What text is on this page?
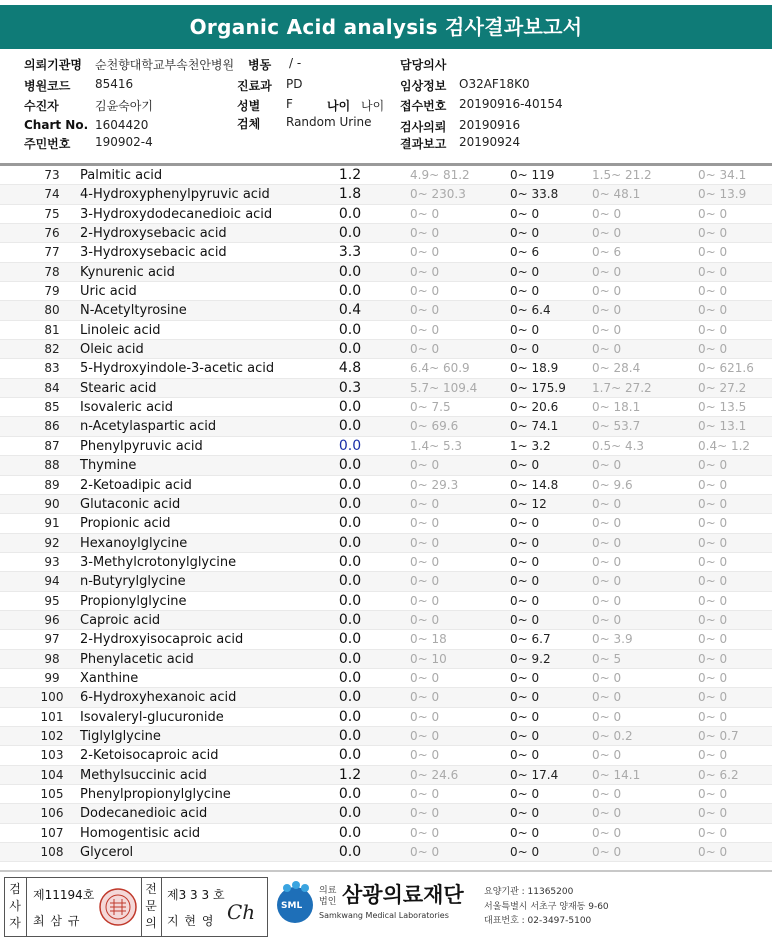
Organic Acid analysis 검사결과보고서
의뢰기관명 순천향대학교부속천안병원 병동 / -	담당의사
병원코드 85416	진료과 PD	임상정보 O32AF18K0
수진자	김윤숙아기	성별 F	나이 나이 접수번호 20190916-40154
Chart No. 1604420	검체 Random Urine 검사의뢰 20190916
주민번호 190902-4	결과보고 20190924
73	Palmitic acid	1.2	4.9~ 81.2	0~ 119	1.5~ 21.2	0~ 34.1
74	4-Hydroxyphenylpyruvic acid	1.8	0~ 230.3	0~ 33.8	0~ 48.1	0~ 13.9
75	3-Hydroxydodecanedioic acid	0.0	0~ 0	0~ 0	0~ 0	0~ 0
76	2-Hydroxysebacic acid	0.0	0~ 0	0~ 0	0~ 0	0~ 0
77	3-Hydroxysebacic acid	3.3	0~ 0	0~ 6	0~ 6	0~ 0
78	Kynurenic acid	0.0	0~ 0	0~ 0	0~ 0	0~ 0
79	Uric acid	0.0	0~ 0	0~ 0	0~ 0	0~ 0
80	N-Acetyltyrosine	0.4	0~ 0	0~ 6.4	0~ 0	0~ 0
81	Linoleic acid	0.0	0~ 0	0~ 0	0~ 0	0~ 0
82	Oleic acid	0.0	0~ 0	0~ 0	0~ 0	0~ 0
83	5-Hydroxyindole-3-acetic acid	4.8	6.4~ 60.9	0~ 18.9	0~ 28.4	0~ 621.6
84	Stearic acid	0.3	5.7~ 109.4	0~ 175.9 1.7~ 27.2	0~ 27.2
85	Isovaleric acid	0.0	0~ 7.5	0~ 20.6	0~ 18.1	0~ 13.5
86	n-Acetylaspartic acid	0.0	0~ 69.6	0~ 74.1	0~ 53.7	0~ 13.1
87	Phenylpyruvic acid	0.0	1.4~ 5.3	1~ 3.2	0.5~ 4.3	0.4~ 1.2
88	Thymine	0.0	0~ 0	0~ 0	0~ 0	0~ 0
89	2-Ketoadipic acid	0.0	0~ 29.3	0~ 14.8	0~ 9.6	0~ 0
90	Glutaconic acid	0.0	0~ 0	0~ 12	0~ 0	0~ 0
91	Propionic acid	0.0	0~ 0	0~ 0	0~ 0	0~ 0
92	Hexanoylglycine	0.0	0~ 0	0~ 0	0~ 0	0~ 0
93	3-Methylcrotonylglycine	0.0	0~ 0	0~ 0	0~ 0	0~ 0
94	n-Butyrylglycine	0.0	0~ 0	0~ 0	0~ 0	0~ 0
95	Propionylglycine	0.0	0~ 0	0~ 0	0~ 0	0~ 0
96	Caproic acid	0.0	0~ 0	0~ 0	0~ 0	0~ 0
97	2-Hydroxyisocaproic acid	0.0	0~ 18	0~ 6.7	0~ 3.9	0~ 0
98	Phenylacetic acid	0.0	0~ 10	0~ 9.2	0~ 5	0~ 0
99	Xanthine	0.0	0~ 0	0~ 0	0~ 0	0~ 0
100	6-Hydroxyhexanoic acid	0.0	0~ 0	0~ 0	0~ 0	0~ 0
101	Isovaleryl-glucuronide	0.0	0~ 0	0~ 0	0~ 0	0~ 0
102	Tiglylglycine	0.0	0~ 0	0~ 0	0~ 0.2	0~ 0.7
103	2-Ketoisocaproic acid	0.0	0~ 0	0~ 0	0~ 0	0~ 0
104	Methylsuccinic acid	1.2	0~ 24.6	0~ 17.4	0~ 14.1	0~ 6.2
105	Phenylpropionylglycine	0.0	0~ 0	0~ 0	0~ 0	0~ 0
106	Dodecanedioic acid	0.0	0~ 0	0~ 0	0~ 0	0~ 0
107	Homogentisic acid	0.0	0~ 0	0~ 0	0~ 0	0~ 0
108	Glycerol	0.0	0~ 0	0~ 0	0~ 0	0~ 0
검사자
제11194호
최 삼 규
전문의
제3 3 3 호
지 현 영 Ch	SML
의료
법인 삼광의료재단
Samkwang Medical Laboratories
요양기관 : 11365200
서울특별시 서초구 양재동 9-60
대표번호 : 02-3497-5100
